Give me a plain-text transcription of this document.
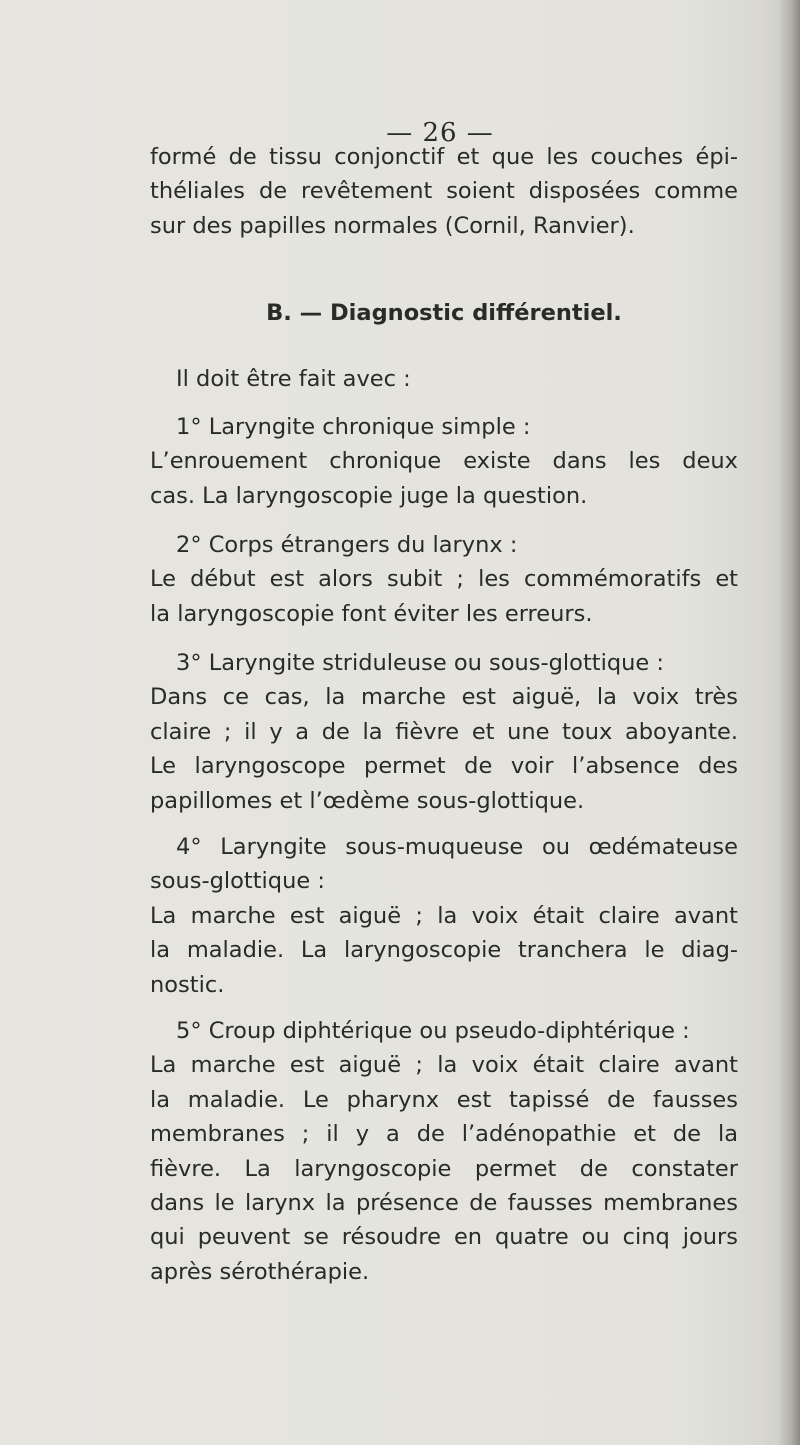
— 26 —

formé de tissu conjonctif et que les couches épi-

théliales de revêtement soient disposées comme

sur des papilles normales (Cornil, Ranvier).

B. — Diagnostic différentiel.

Il doit être fait avec :

1° Laryngite chronique simple :

L’enrouement chronique existe dans les deux

cas. La laryngoscopie juge la question.

2° Corps étrangers du larynx :

Le début est alors subit ; les commémoratifs et

la laryngoscopie font éviter les erreurs.

3° Laryngite striduleuse ou sous-glottique :

Dans ce cas, la marche est aiguë, la voix très

claire ; il y a de la fièvre et une toux aboyante.

Le laryngoscope permet de voir l’absence des

papillomes et l’œdème sous-glottique.

4° Laryngite sous-muqueuse ou œdémateuse

sous-glottique :

La marche est aiguë ; la voix était claire avant

la maladie. La laryngoscopie tranchera le diag-

nostic.

5° Croup diphtérique ou pseudo-diphtérique :

La marche est aiguë ; la voix était claire avant

la maladie. Le pharynx est tapissé de fausses

membranes ; il y a de l’adénopathie et de la

fièvre. La laryngoscopie permet de constater

dans le larynx la présence de fausses membranes

qui peuvent se résoudre en quatre ou cinq jours

après sérothérapie.
